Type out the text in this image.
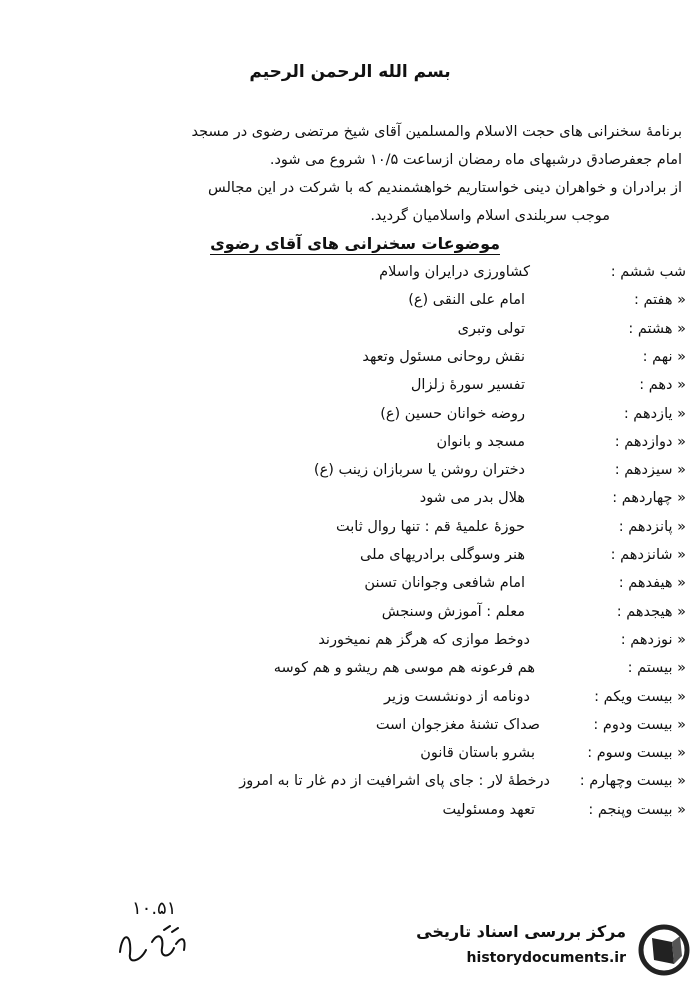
بسم الله الرحمن الرحیم
برنامهٔ سخنرانی های حجت الاسلام والمسلمین آقای شیخ مرتضی رضوی در مسجد
امام جعفرصادق درشبهای ماه رمضان ازساعت ۱۰/۵ شروع می شود.
از برادران و خواهران دینی خواستاریم خواهشمندیم که با شرکت در این مجالس
موجب سربلندی اسلام واسلامیان گردید.
موضوعات سخنرانی های آقای رضوی
شب ششم :
کشاورزی درایران واسلام
« هفتم :
امام علی النقی (ع)
« هشتم :
تولی وتبری
« نهم :
نقش روحانی مسئول وتعهد
« دهم :
تفسیر سورهٔ زلزال
« یازدهم :
روضه خوانان حسین (ع)
« دوازدهم :
مسجد و بانوان
« سیزدهم :
دختران روشن یا سربازان زینب (ع)
« چهاردهم :
هلال بدر می شود
« پانزدهم :
حوزهٔ علمیهٔ قم : تنها روال ثابت
« شانزدهم :
هنر وسوگلی برادریهای ملی
« هیفدهم :
امام شافعی وجوانان تسنن
« هیجدهم :
معلم : آموزش وسنجش
« نوزدهم :
دوخط موازی که هرگز هم نمیخورند
« بیستم :
هم فرعونه هم موسی هم ریشو و هم کوسه
« بیست ویکم :
دونامه از دونشست وزیر
« بیست ودوم :
صداک تشنهٔ مغزجوان است
« بیست وسوم :
بشرو باستان قانون
« بیست وچهارم :
درخطهٔ لار : جای پای اشرافیت از دم غار تا به امروز
« بیست وپنجم :
تعهد ومسئولیت
۱۰.۵۱
مرکز بررسی اسناد تاریخی
historydocuments.ir
